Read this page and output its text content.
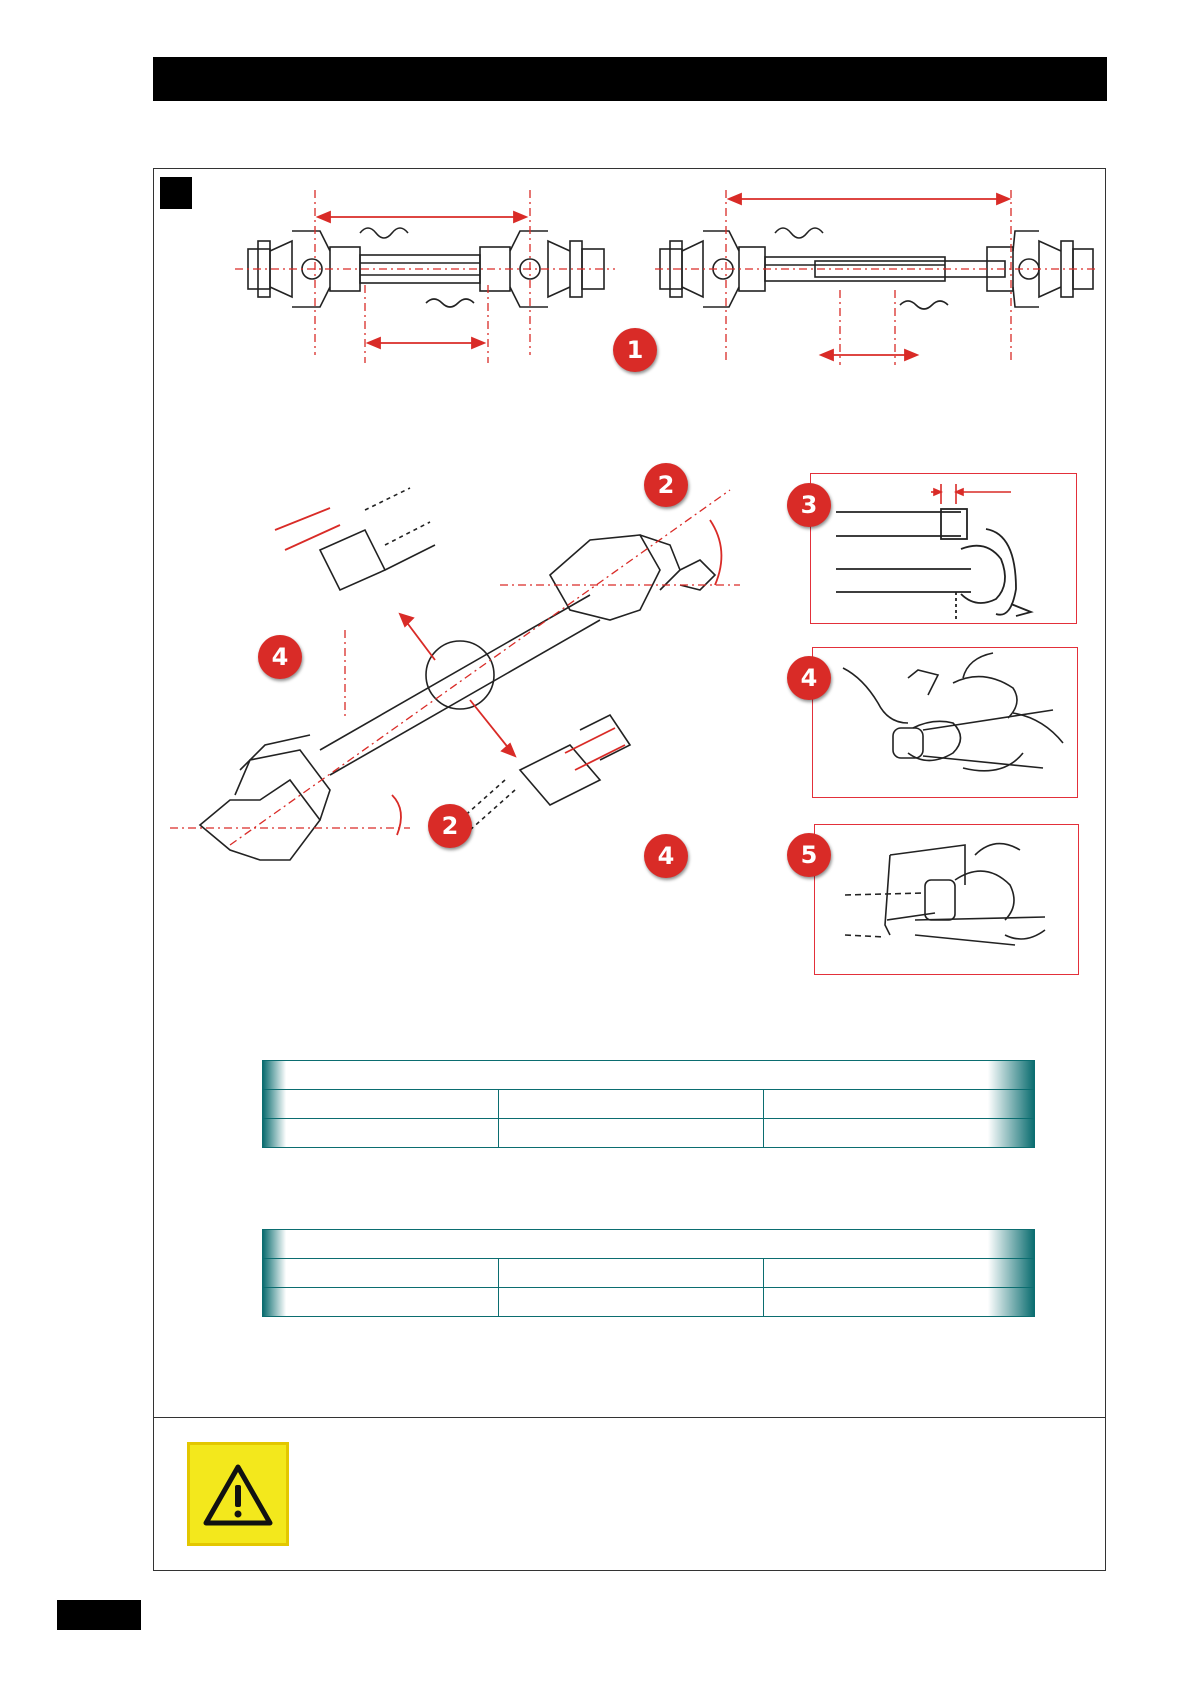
1
2
2
3
4
4
4	5
